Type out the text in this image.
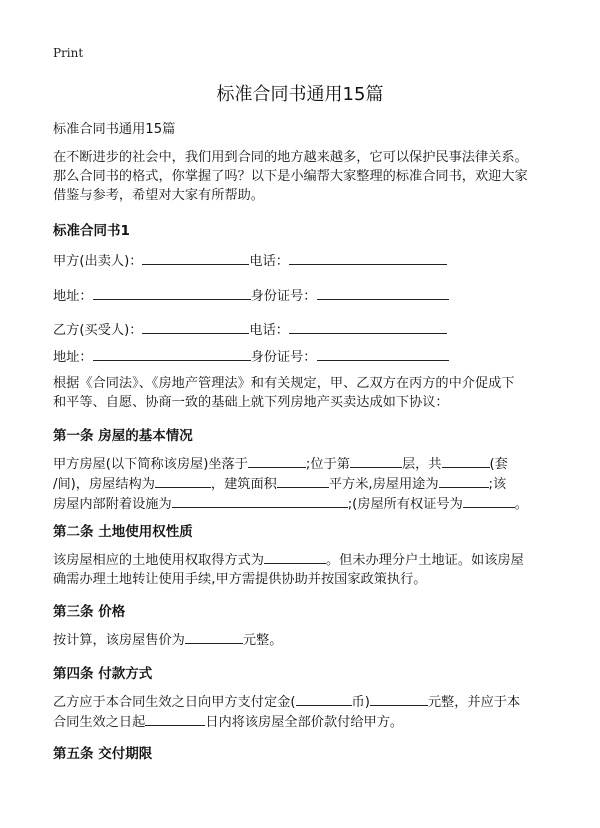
Print
标准合同书通用15篇
标准合同书通用15篇
在不断进步的社会中，我们用到合同的地方越来越多，它可以保护民事法律关系。
那么合同书的格式，你掌握了吗？以下是小编帮大家整理的标准合同书，欢迎大家
借鉴与参考，希望对大家有所帮助。
标准合同书1
甲方(出卖人)：	电话：
地址：	身份证号：
乙方(买受人)：	电话：
地址：	身份证号：
根据《合同法》、《房地产管理法》和有关规定，甲、乙双方在丙方的中介促成下
和平等、自愿、协商一致的基础上就下列房地产买卖达成如下协议：
第一条 房屋的基本情况
甲方房屋(以下简称该房屋)坐落于	;位于第	层，共	(套
/间)，房屋结构为	，建筑面积	平方米,房屋用途为	;该
房屋内部附着设施为	;(房屋所有权证号为	。
第二条 土地使用权性质
该房屋相应的土地使用权取得方式为	。但未办理分户土地证。如该房屋
确需办理土地转让使用手续,甲方需提供协助并按国家政策执行。
第三条 价格
按计算，该房屋售价为	元整。
第四条 付款方式
乙方应于本合同生效之日向甲方支付定金(	币)	元整，并应于本
合同生效之日起	日内将该房屋全部价款付给甲方。
第五条 交付期限
